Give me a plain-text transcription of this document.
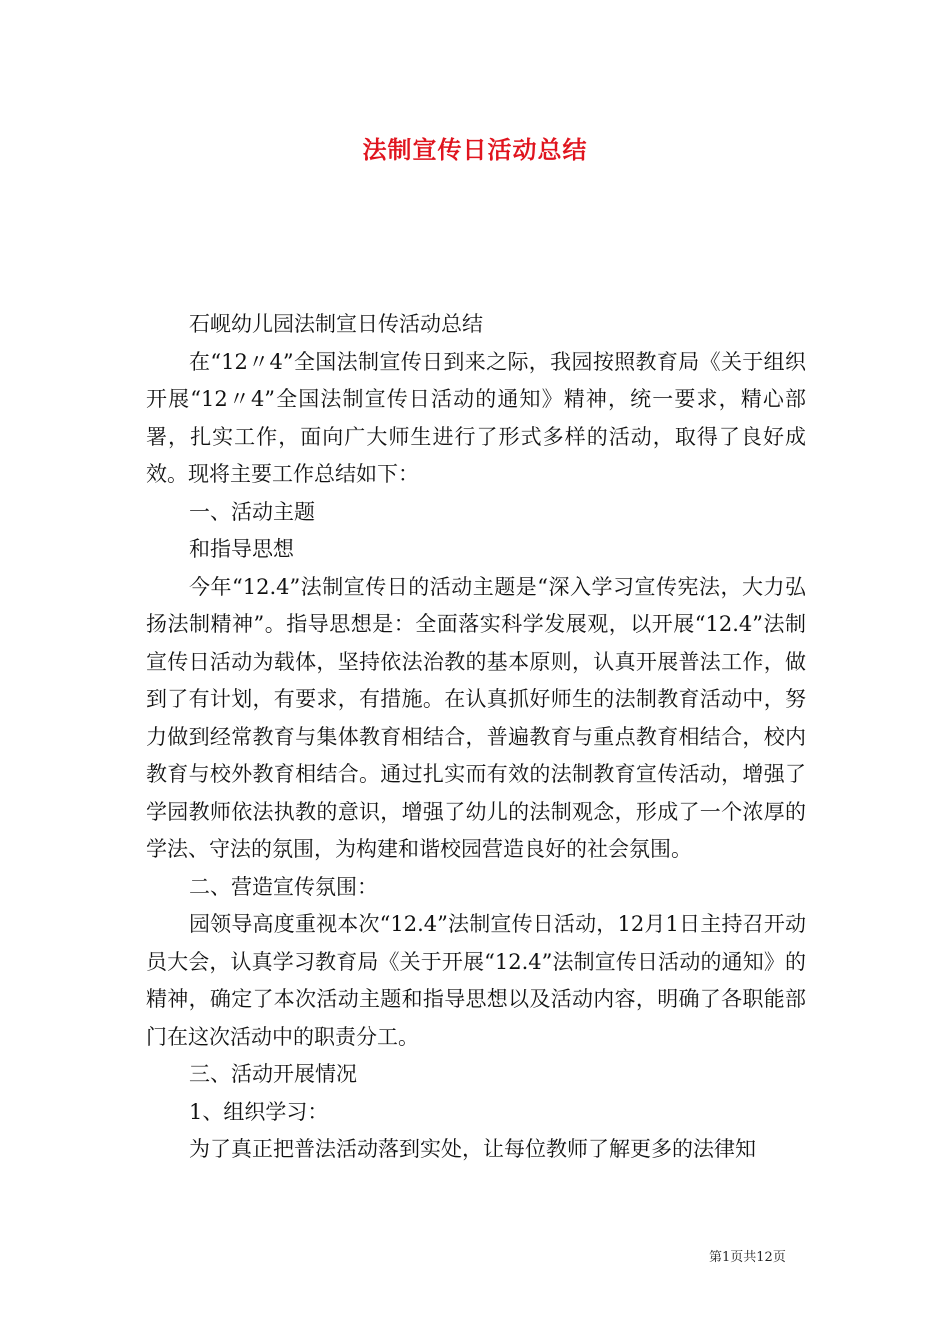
法制宣传日活动总结

石岘幼儿园法制宣日传活动总结

在“12〃4”全国法制宣传日到来之际，我园按照教育局《关于组织开展“12〃4”全国法制宣传日活动的通知》精神，统一要求，精心部署，扎实工作，面向广大师生进行了形式多样的活动，取得了良好成效。现将主要工作总结如下：

一、活动主题

和指导思想

今年“12.4”法制宣传日的活动主题是“深入学习宣传宪法，大力弘扬法制精神”。指导思想是：全面落实科学发展观，以开展“12.4”法制宣传日活动为载体，坚持依法治教的基本原则，认真开展普法工作，做到了有计划，有要求，有措施。在认真抓好师生的法制教育活动中，努力做到经常教育与集体教育相结合，普遍教育与重点教育相结合，校内教育与校外教育相结合。通过扎实而有效的法制教育宣传活动，增强了学园教师依法执教的意识，增强了幼儿的法制观念，形成了一个浓厚的学法、守法的氛围，为构建和谐校园营造良好的社会氛围。

二、营造宣传氛围：

园领导高度重视本次“12.4”法制宣传日活动，12月1日主持召开动员大会，认真学习教育局《关于开展“12.4”法制宣传日活动的通知》的精神，确定了本次活动主题和指导思想以及活动内容，明确了各职能部门在这次活动中的职责分工。

三、活动开展情况

1、组织学习：

为了真正把普法活动落到实处，让每位教师了解更多的法律知

第1页共12页
